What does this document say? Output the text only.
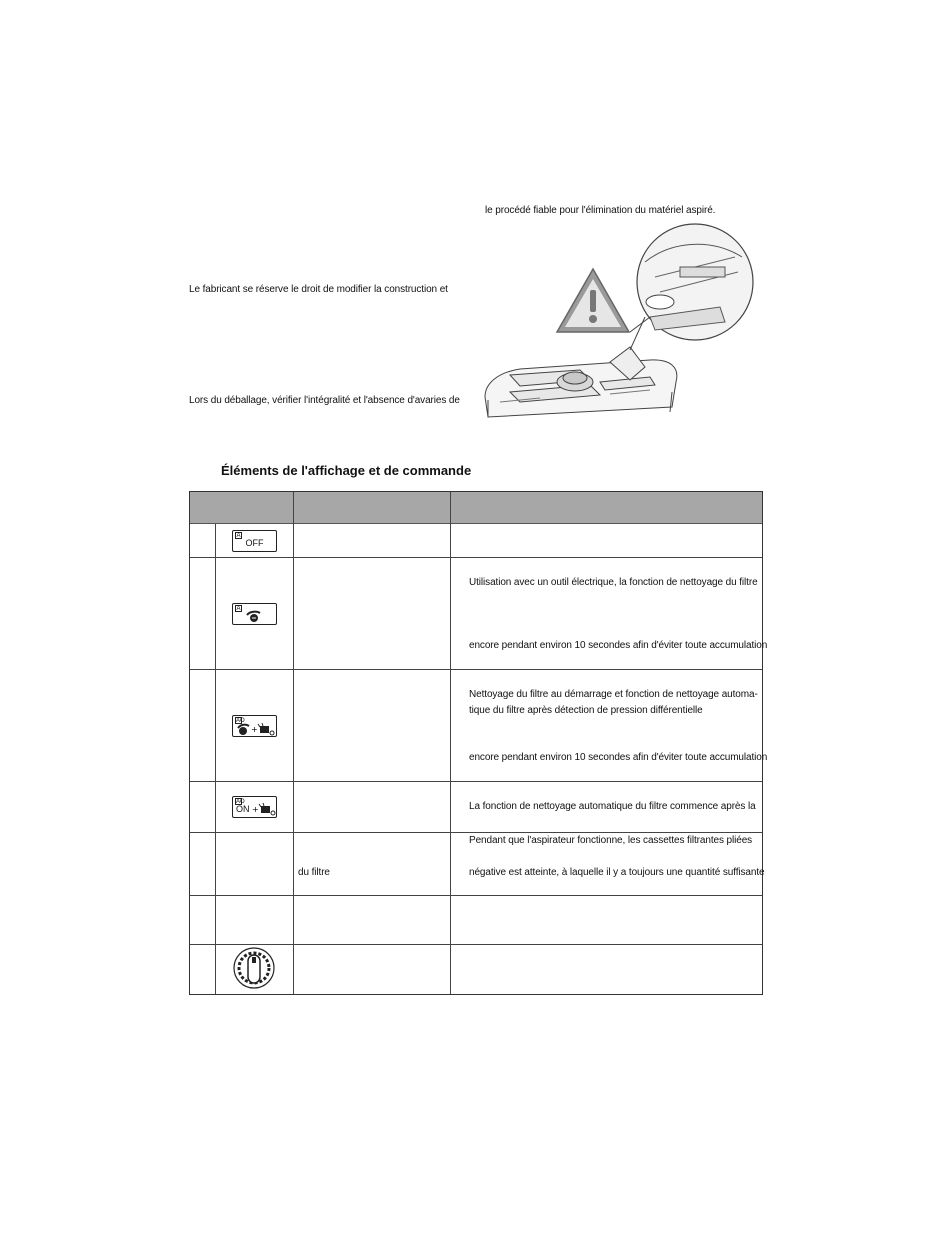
Le fabricant se réserve le droit de modifier la construction et
Lors du déballage, vérifier l'intégralité et l'absence d'avaries de
le procédé fiable pour l'élimination du matériel aspiré.
Éléments de l'affichage et de commande
Utilisation avec un outil électrique, la fonction de nettoyage du filtre
encore pendant environ 10 secondes afin d'éviter toute accumulation
Nettoyage du filtre au démarrage et fonction de nettoyage automa-
tique du filtre après détection de pression différentielle
encore pendant environ 10 secondes afin d'éviter toute accumulation
La fonction de nettoyage automatique du filtre commence après la
du filtre
Pendant que l'aspirateur fonctionne, les cassettes filtrantes pliées
négative est atteinte, à laquelle il y a toujours une quantité suffisante
A
OFF
A
AO
+
AO
ON +
